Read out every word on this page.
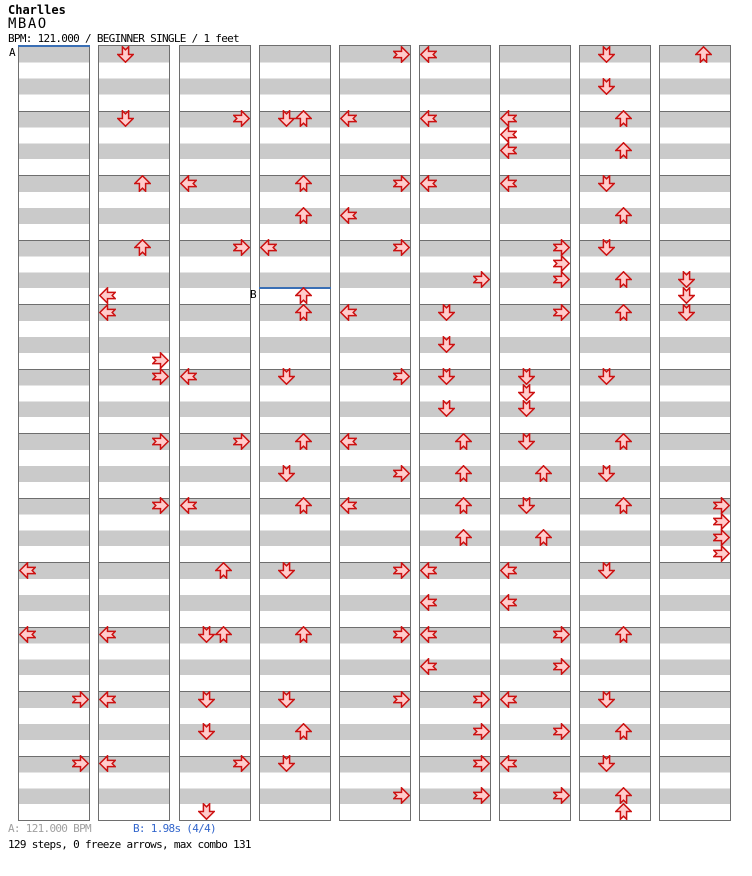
Charlles
MBAO
BPM: 121.000 / BEGINNER SINGLE / 1 feet
A
B
A: 121.000 BPM	B: 1.98s (4/4)
129 steps, 0 freeze arrows, max combo 131
